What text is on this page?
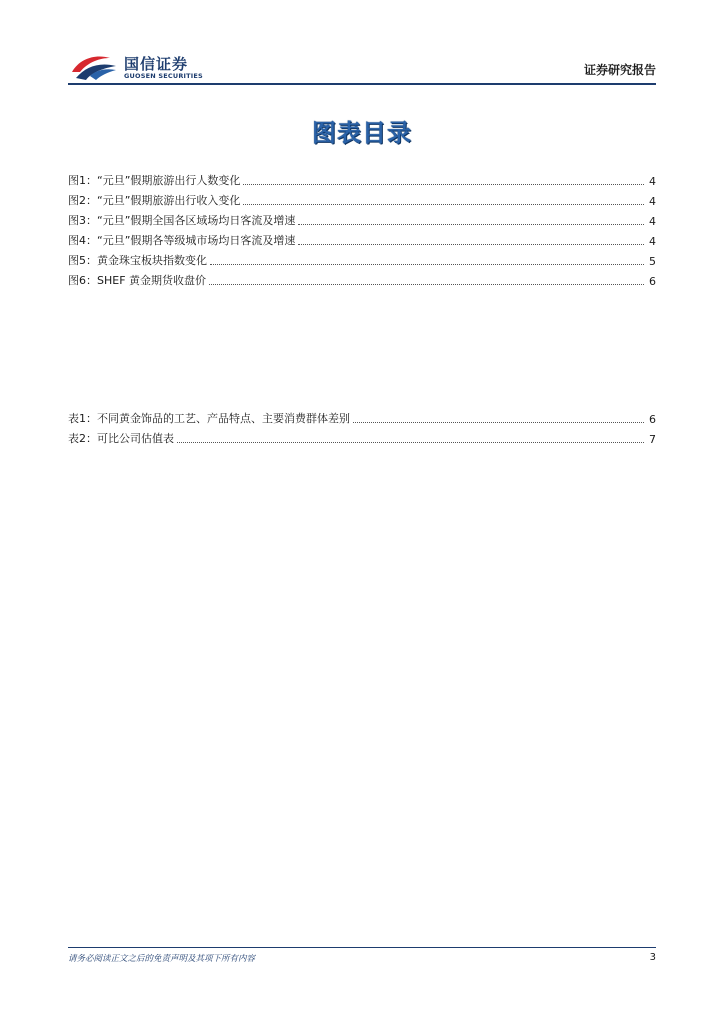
国信证券
GUOSEN SECURITIES	证券研究报告
图表目录
图1：“元旦”假期旅游出行人数变化	4
图2：“元旦”假期旅游出行收入变化	4
图3：“元旦”假期全国各区域场均日客流及增速	4
图4：“元旦”假期各等级城市场均日客流及增速	4
图5：黄金珠宝板块指数变化	5
图6：SHEF 黄金期货收盘价	6
表1：不同黄金饰品的工艺、产品特点、主要消费群体差别	6
表2：可比公司估值表	7
请务必阅读正文之后的免责声明及其项下所有内容	3
